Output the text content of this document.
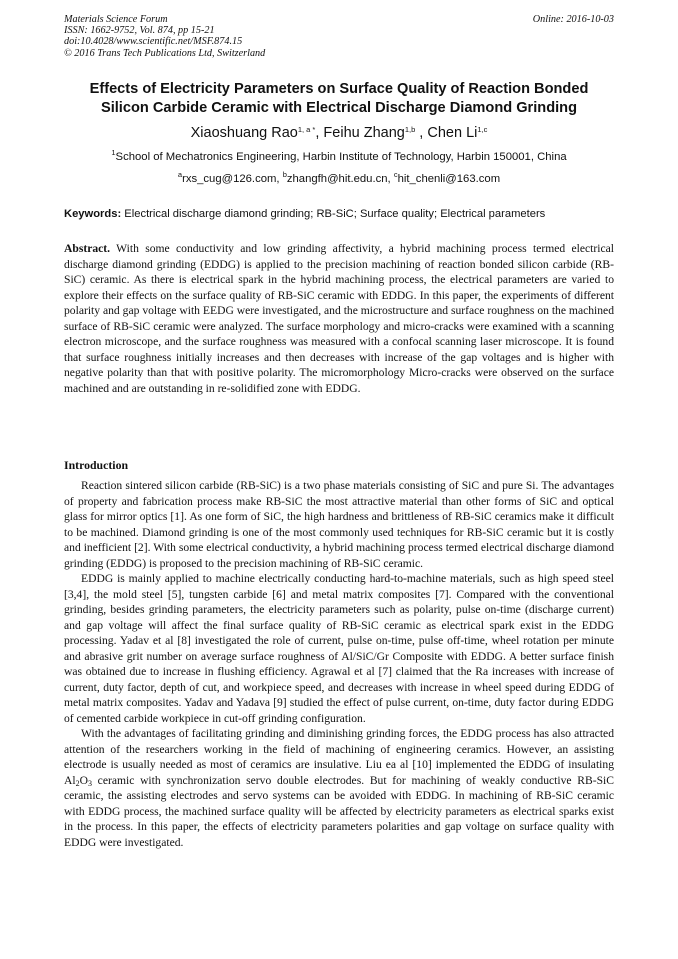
Materials Science Forum
ISSN: 1662-9752, Vol. 874, pp 15-21
doi:10.4028/www.scientific.net/MSF.874.15
© 2016 Trans Tech Publications Ltd, Switzerland
Online: 2016-10-03
Effects of Electricity Parameters on Surface Quality of Reaction Bonded
Silicon Carbide Ceramic with Electrical Discharge Diamond Grinding
Xiaoshuang Rao$^{1, a *}$, Feihu Zhang$^{1,b}$ , Chen Li$^{1,c}$
$^1$School of Mechatronics Engineering, Harbin Institute of Technology, Harbin 150001, China
$^a$rxs_cug@126.com, $^b$zhangfh@hit.edu.cn, $^c$hit_chenli@163.com
Keywords: Electrical discharge diamond grinding; RB-SiC; Surface quality; Electrical parameters
Abstract. With some conductivity and low grinding affectivity, a hybrid machining process termed electrical discharge diamond grinding (EDDG) is applied to the precision machining of reaction bonded silicon carbide (RB-SiC) ceramic. As there is electrical spark in the hybrid machining process, the electrical parameters are varied to explore their effects on the surface quality of RB-SiC ceramic with EDDG. In this paper, the experiments of different polarity and gap voltage with EEDG were investigated, and the microstructure and surface roughness on the machined surface of RB-SiC ceramic were analyzed. The surface morphology and micro-cracks were examined with a scanning electron microscope, and the surface roughness was measured with a confocal scanning laser microscope. It is found that surface roughness initially increases and then decreases with increase of the gap voltages and is higher with negative polarity than that with positive polarity. The micromorphology Micro-cracks were observed on the surface machined and are outstanding in re-solidified zone with EDDG.
Introduction

Reaction sintered silicon carbide (RB-SiC) is a two phase materials consisting of SiC and pure Si. The advantages of property and fabrication process make RB-SiC the most attractive material than other forms of SiC and optical glass for mirror optics [1]. As one form of SiC, the high hardness and brittleness of RB-SiC ceramics make it difficult to be machined. Diamond grinding is one of the most commonly used techniques for RB-SiC ceramic but it is costly and inefficient [2]. With some electrical conductivity, a hybrid machining process termed electrical discharge diamond grinding (EDDG) is proposed to the precision machining of RB-SiC ceramic.

EDDG is mainly applied to machine electrically conducting hard-to-machine materials, such as high speed steel [3,4], the mold steel [5], tungsten carbide [6] and metal matrix composites [7]. Compared with the conventional grinding, besides grinding parameters, the electricity parameters such as polarity, pulse on-time (discharge current) and gap voltage will affect the final surface quality of RB-SiC ceramic as electrical spark exist in the EDDG processing. Yadav et al [8] investigated the role of current, pulse on-time, pulse off-time, wheel rotation per minute and abrasive grit number on average surface roughness of Al/SiC/Gr Composite with EDDG. A better surface finish was obtained due to increase in flushing efficiency. Agrawal et al [7] claimed that the Ra increases with increase of current, duty factor, depth of cut, and workpiece speed, and decreases with increase in wheel speed during EDDG of metal matrix composites. Yadav and Yadava [9] studied the effect of pulse current, on-time, duty factor during EDDG of cemented carbide workpiece in cut-off grinding configuration.

With the advantages of facilitating grinding and diminishing grinding forces, the EDDG process has also attracted attention of the researchers working in the field of machining of engineering ceramics. However, an assisting electrode is usually needed as most of ceramics are insulative. Liu ea al [10] implemented the EDDG of insulating $Al_2O_3$ ceramic with synchronization servo double electrodes. But for machining of weakly conductive RB-SiC ceramic, the assisting electrodes and servo systems can be avoided with EDDG. In machining of RB-SiC ceramic with EDDG process, the machined surface quality will be affected by electricity parameters as electrical sparks exist in the process. In this paper, the effects of electricity parameters polarities and gap voltage on surface quality with EDDG were investigated.
